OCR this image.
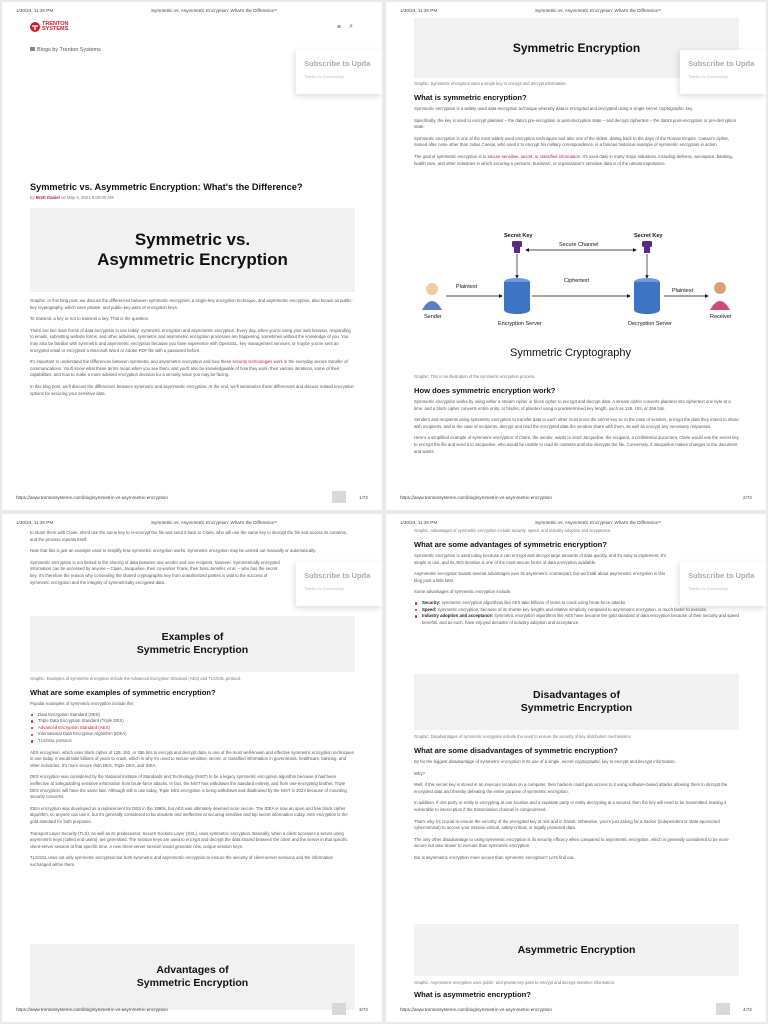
1/30/23, 11:30 PM	Symmetric vs. Asymmetric Encryption: What's the Difference?
TRENTON SYSTEMS	≡ ⌕
Blogs by Trenton Systems
Subscribe to Upda
Thanks for Subscribing!
Symmetric vs. Asymmetric Encryption: What's the Difference?
by Brett Daniel on May 4, 2021 9:00:00 AM
Symmetric vs.
Asymmetric Encryption

Graphic: In this blog post, we discuss the differences between symmetric encryption, a single-key encryption technique, and asymmetric encryption, also known as public-key cryptography, which uses private- and public-key pairs of encryption keys.

To transmit, a key or not to transmit a key. That is the question.

There are two main forms of data encryption in use today: symmetric encryption and asymmetric encryption. Every day, when you're using your web browser, responding to emails, submitting website forms, and other activities, symmetric and asymmetric encryption processes are happening, sometimes without the knowledge of you. You may also be familiar with symmetric and asymmetric encryption because you have experience with OpenSSL, key management services, or maybe you've sent an encrypted email or encrypted a Microsoft Word or Adobe PDF file with a password before.

It's important to understand the differences between symmetric and asymmetric encryption and how these security technologies work in the everyday secure transfer of communications. You'll know what these terms mean when you see them, and you'll also be knowledgeable of how they work, their various iterations, some of their capabilities, and how to make a more advised encryption decision for a security issue you may be facing.

In this blog post, we'll discuss the differences between symmetric and asymmetric encryption. At the end, we'll summarize these differences and discuss related encryption options for securing your sensitive data.

https://www.trentonsystems.com/blog/symmetric-vs-asymmetric-encryption	1/72
1/30/23, 11:30 PM	Symmetric vs. Asymmetric Encryption: What's the Difference?
Symmetric Encryption
Subscribe to Upda
Thanks for Subscribing!

Graphic: Symmetric encryption uses a single key to encrypt and decrypt information.

What is symmetric encryption?

Symmetric encryption is a widely used data encryption technique whereby data is encrypted and decrypted using a single secret cryptographic key.

Specifically, the key is used to encrypt plaintext – the data's pre-encryption or post-decryption state – and decrypt ciphertext – the data's post-encryption or pre-decryption state.

Symmetric encryption is one of the most widely used encryption techniques and also one of the oldest, dating back to the days of the Roman Empire. Caesar's cipher, named after none other than Julius Caesar, who used it to encrypt his military correspondence, is a famous historical example of symmetric encryption in action.

The goal of symmetric encryption is to secure sensitive, secret, or classified information. It's used daily in many major industries, including defense, aerospace, banking, health care, and other industries in which securing a person's, business', or organization's sensitive data is of the utmost importance.

Secret Key	Secret Key
Secure Channel
Sender
Plaintext
Encryption Server
Ciphertext
Decryption Server
Plaintext
Receiver
Symmetric Cryptography

Graphic: This is an illustration of the symmetric encryption process.

How does symmetric encryption work?

Symmetric encryption works by using either a stream cipher or block cipher to encrypt and decrypt data. A stream cipher converts plaintext into ciphertext one byte at a time, and a block cipher converts entire units, or blocks, of plaintext using a predetermined key length, such as 128, 192, or 256 bits.

Senders and recipients using symmetric encryption to transfer data to each other must know the secret key to, in the case of senders, encrypt the data they intend to share with recipients, and in the case of recipients, decrypt and read the encrypted data the senders share with them, as well as encrypt any necessary responses.

Here's a simplified example of symmetric encryption: If Claire, the sender, wants to send Jacqueline, the recipient, a confidential document, Claire would use the secret key to encrypt the file and send it to Jacqueline, who would be unable to read its contents until she decrypts the file. Conversely, if Jacqueline makes changes to the document and wants

https://www.trentonsystems.com/blog/symmetric-vs-asymmetric-encryption	2/72
1/30/23, 11:30 PM	Symmetric vs. Asymmetric Encryption: What's the Difference?

to share them with Claire, she'd use the same key to re-encrypt the file and send it back to Claire, who will use the same key to decrypt the file and access its contents, and the process repeats itself.

Note that this is just an example used to simplify how symmetric encryption works. Symmetric encryption may be carried out manually or automatically.

Symmetric encryption is not limited to the sharing of data between one sender and one recipient, however. Symmetrically encrypted information can be accessed by anyone – Claire, Jacqueline, their co-worker Frank, their boss Jennifer, et al. – who has the secret key. It's therefore the reason why concealing the shared cryptographic key from unauthorized parties is vital to the success of symmetric encryption and the integrity of symmetrically encrypted data.

Subscribe to Upda
Thanks for Subscribing!
Examples of
Symmetric Encryption

Graphic: Examples of symmetric encryption include the Advanced Encryption Standard (AES) and TLS/SSL protocol.

What are some examples of symmetric encryption?

Popular examples of symmetric encryption include the:

Data Encryption Standard (DES)
Triple Data Encryption Standard (Triple DES)
Advanced Encryption Standard (AES)
International Data Encryption Algorithm (IDEA)
TLS/SSL protocol

AES encryption, which uses block cipher of 128, 192, or 256 bits to encrypt and decrypt data, is one of the most well-known and effective symmetric encryption techniques in use today. It would take billions of years to crack, which is why it's used to secure sensitive, secret, or classified information in government, healthcare, banking, and other industries. It's more secure than DES, Triple DES, and IDEA.

DES encryption was considered by the National Institute of Standards and Technology (NIST) to be a legacy symmetric encryption algorithm because it had been ineffective at safeguarding sensitive information from brute-force attacks. In fact, the NIST has withdrawn the standard entirely, and from one-encrypting brother, Triple DES encryption, will have the same fate. Although still in use today, Triple DES encryption is being withdrawn and disallowed by the NIST in 2023 because of mounting security concerns.

IDEA encryption was developed as a replacement for DES in the 1990s, but AES was ultimately deemed more secure. The IDEA is now an open and free block cipher algorithm, so anyone can use it, but it's generally considered to be obsolete and ineffective at securing sensitive and top secret information today. AES encryption is the gold standard for both purposes.

Transport Layer Security (TLS), as well as its predecessor, Secure Sockets Layer (SSL), uses symmetric encryption. Basically, when a client accesses a server using asymmetric keys (called end users), are generated. The session keys are used to encrypt and decrypt the data shared between the client and the server in that specific client-server session at that specific time. A new client-server session would generate new, unique session keys.

TLS/SSL uses not only symmetric encryption but both symmetric and asymmetric encryption to ensure the security of client-server sessions and the information exchanged within them.

Advantages of
Symmetric Encryption
https://www.trentonsystems.com/blog/symmetric-vs-asymmetric-encryption	3/72
1/30/23, 11:30 PM	Symmetric vs. Asymmetric Encryption: What's the Difference?

Graphic: Advantages of symmetric encryption include security, speed, and industry adoption and acceptance.

What are some advantages of symmetric encryption?

Symmetric encryption is used today because it can encrypt and decrypt large amounts of data quickly, and it's easy to implement. It's simple to use, and its AES iteration is one of the most secure forms of data encryption available.

Asymmetric encryption boasts several advantages over its asymmetric counterpart, but we'll talk about asymmetric encryption in this blog post a little later.

Some advantages of symmetric encryption include:

Security: symmetric encryption algorithms like AES take billions of years to crack using brute-force attacks.
Speed: symmetric encryption, because of its shorter key lengths and relative simplicity compared to asymmetric encryption, is much faster to execute.
Industry adoption and acceptance: symmetric encryption algorithms like AES have become the gold standard of data encryption because of their security and speed benefits, and as such, have enjoyed decades of industry adoption and acceptance.
Subscribe to Upda
Thanks for Subscribing!
Disadvantages of
Symmetric Encryption

Graphic: Disadvantages of symmetric encryption include the need to ensure the security of key distribution mechanisms.

What are some disadvantages of symmetric encryption?

By far the biggest disadvantage of symmetric encryption is its use of a single, secret cryptographic key to encrypt and decrypt information.

Why?

Well, if this secret key is stored in an insecure location on a computer, then hackers could gain access to it using software-based attacks allowing them to decrypt the encrypted data and thereby defeating the entire purpose of symmetric encryption.

In addition, if one party or entity is encrypting at one location and a separate party or entity decrypting at a second, then the key will need to be transmitted, leaving it vulnerable to interception if the transmission channel is compromised.

That's why it's crucial to ensure the security of the encrypted key at rest and in transit. Otherwise, you're just asking for a hacker (independent or state-sponsored cybercriminal) to access your mission-critical, safety-critical, or legally protected data.

The only other disadvantage to using symmetric encryption is its security efficacy when compared to asymmetric encryption, which is generally considered to be more secure but also slower to execute than symmetric encryption.

But is asymmetric encryption more secure than symmetric encryption? Let's find out.

Asymmetric Encryption

Graphic: Asymmetric encryption uses public- and private-key pairs to encrypt and decrypt sensitive information.

What is asymmetric encryption?
https://www.trentonsystems.com/blog/symmetric-vs-asymmetric-encryption	4/72
